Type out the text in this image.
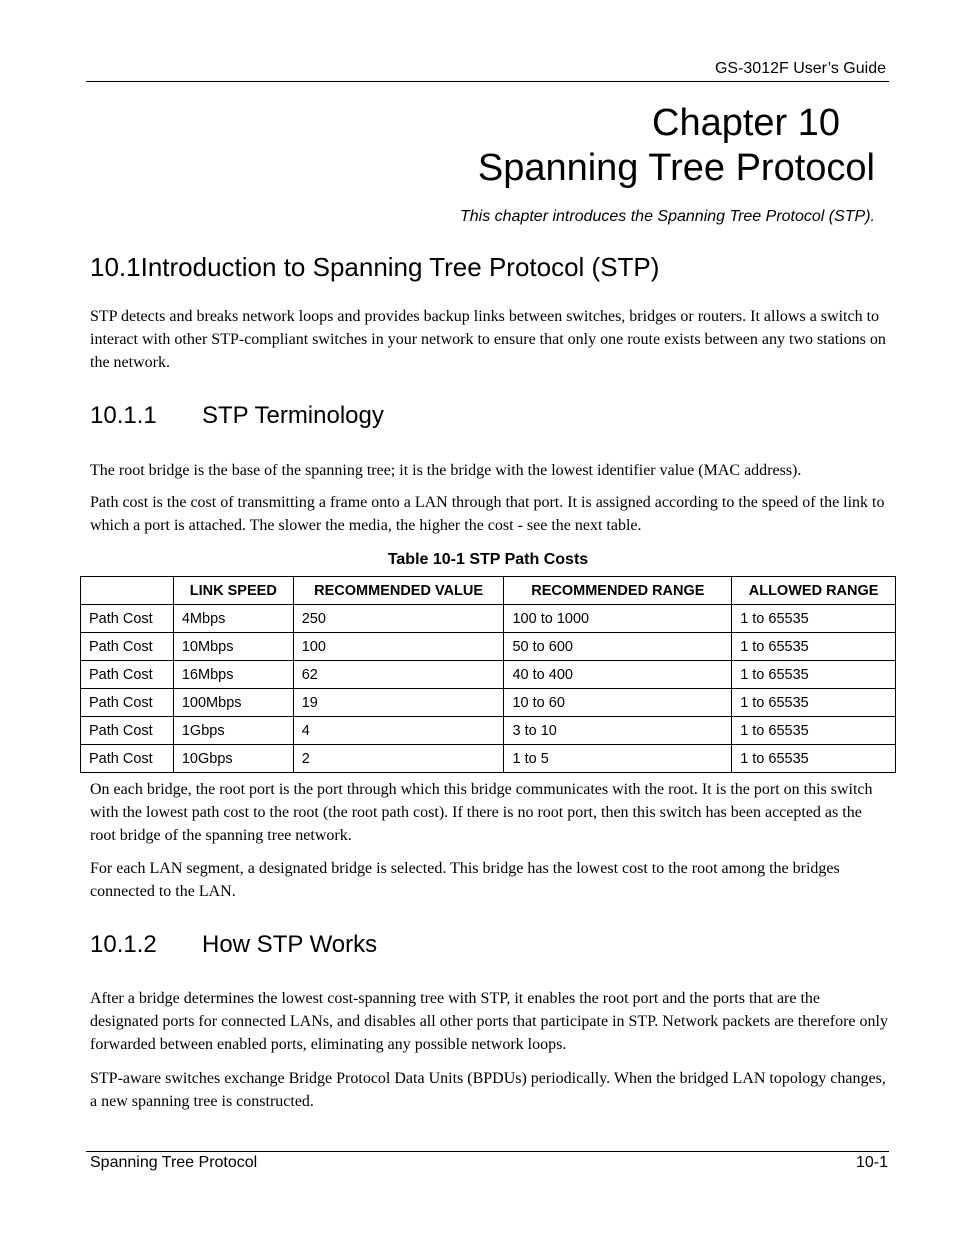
GS-3012F User’s Guide
Chapter 10
Spanning Tree Protocol
This chapter introduces the Spanning Tree Protocol (STP).
10.1Introduction to Spanning Tree Protocol (STP)

STP detects and breaks network loops and provides backup links between switches, bridges or routers. It allows a switch to interact with other STP-compliant switches in your network to ensure that only one route exists between any two stations on the network.

10.1.1 STP Terminology

The root bridge is the base of the spanning tree; it is the bridge with the lowest identifier value (MAC address).

Path cost is the cost of transmitting a frame onto a LAN through that port. It is assigned according to the speed of the link to which a port is attached. The slower the media, the higher the cost - see the next table.

Table 10-1 STP Path Costs
	LINK SPEED	RECOMMENDED VALUE	RECOMMENDED RANGE	ALLOWED RANGE
Path Cost	4Mbps	250	100 to 1000	1 to 65535
Path Cost	10Mbps	100	50 to 600	1 to 65535
Path Cost	16Mbps	62	40 to 400	1 to 65535
Path Cost	100Mbps	19	10 to 60	1 to 65535
Path Cost	1Gbps	4	3 to 10	1 to 65535
Path Cost	10Gbps	2	1 to 5	1 to 65535

On each bridge, the root port is the port through which this bridge communicates with the root. It is the port on this switch with the lowest path cost to the root (the root path cost). If there is no root port, then this switch has been accepted as the root bridge of the spanning tree network.

For each LAN segment, a designated bridge is selected. This bridge has the lowest cost to the root among the bridges connected to the LAN.

10.1.2 How STP Works

After a bridge determines the lowest cost-spanning tree with STP, it enables the root port and the ports that are the designated ports for connected LANs, and disables all other ports that participate in STP. Network packets are therefore only forwarded between enabled ports, eliminating any possible network loops.

STP-aware switches exchange Bridge Protocol Data Units (BPDUs) periodically. When the bridged LAN topology changes, a new spanning tree is constructed.

Spanning Tree Protocol	10-1
